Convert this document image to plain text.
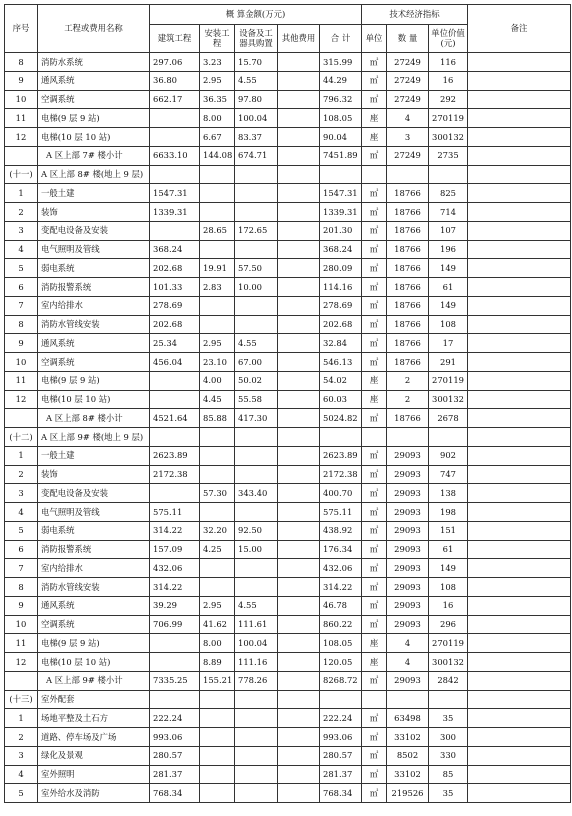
序号	工程或费用名称	概 算金额(万元)					技术经济指标			备注
		建筑工程	安装工程	设备及工器具购置	其他费用	合 计	单位	数 量	单位价值(元)	
8	消防水系统	297.06	3.23	15.70		315.99	㎡	27249	116	
9	通风系统	36.80	2.95	4.55		44.29	㎡	27249	16	
10	空调系统	662.17	36.35	97.80		796.32	㎡	27249	292	
11	电梯(9 层 9 站)		8.00	100.04		108.05	座	4	270119	
12	电梯(10 层 10 站)		6.67	83.37		90.04	座	3	300132	
	A 区上部 7# 楼小计	6633.10	144.08	674.71		7451.89	㎡	27249	2735	
(十一)	A 区上部 8# 楼(地上 9 层)									
1	一般土建	1547.31				1547.31	㎡	18766	825	
2	装饰	1339.31				1339.31	㎡	18766	714	
3	变配电设备及安装		28.65	172.65		201.30	㎡	18766	107	
4	电气照明及管线	368.24				368.24	㎡	18766	196	
5	弱电系统	202.68	19.91	57.50		280.09	㎡	18766	149	
6	消防报警系统	101.33	2.83	10.00		114.16	㎡	18766	61	
7	室内给排水	278.69				278.69	㎡	18766	149	
8	消防水管线安装	202.68				202.68	㎡	18766	108	
9	通风系统	25.34	2.95	4.55		32.84	㎡	18766	17	
10	空调系统	456.04	23.10	67.00		546.13	㎡	18766	291	
11	电梯(9 层 9 站)		4.00	50.02		54.02	座	2	270119	
12	电梯(10 层 10 站)		4.45	55.58		60.03	座	2	300132	
	A 区上部 8# 楼小计	4521.64	85.88	417.30		5024.82	㎡	18766	2678	
(十二)	A 区上部 9# 楼(地上 9 层)									
1	一般土建	2623.89				2623.89	㎡	29093	902	
2	装饰	2172.38				2172.38	㎡	29093	747	
3	变配电设备及安装		57.30	343.40		400.70	㎡	29093	138	
4	电气照明及管线	575.11				575.11	㎡	29093	198	
5	弱电系统	314.22	32.20	92.50		438.92	㎡	29093	151	
6	消防报警系统	157.09	4.25	15.00		176.34	㎡	29093	61	
7	室内给排水	432.06				432.06	㎡	29093	149	
8	消防水管线安装	314.22				314.22	㎡	29093	108	
9	通风系统	39.29	2.95	4.55		46.78	㎡	29093	16	
10	空调系统	706.99	41.62	111.61		860.22	㎡	29093	296	
11	电梯(9 层 9 站)		8.00	100.04		108.05	座	4	270119	
12	电梯(10 层 10 站)		8.89	111.16		120.05	座	4	300132	
	A 区上部 9# 楼小计	7335.25	155.21	778.26		8268.72	㎡	29093	2842	
(十三)	室外配套									
1	场地平整及土石方	222.24				222.24	㎡	63498	35	
2	道路、停车场及广场	993.06				993.06	㎡	33102	300	
3	绿化及景观	280.57				280.57	㎡	8502	330	
4	室外照明	281.37				281.37	㎡	33102	85	
5	室外给水及消防	768.34				768.34	㎡	219526	35	
